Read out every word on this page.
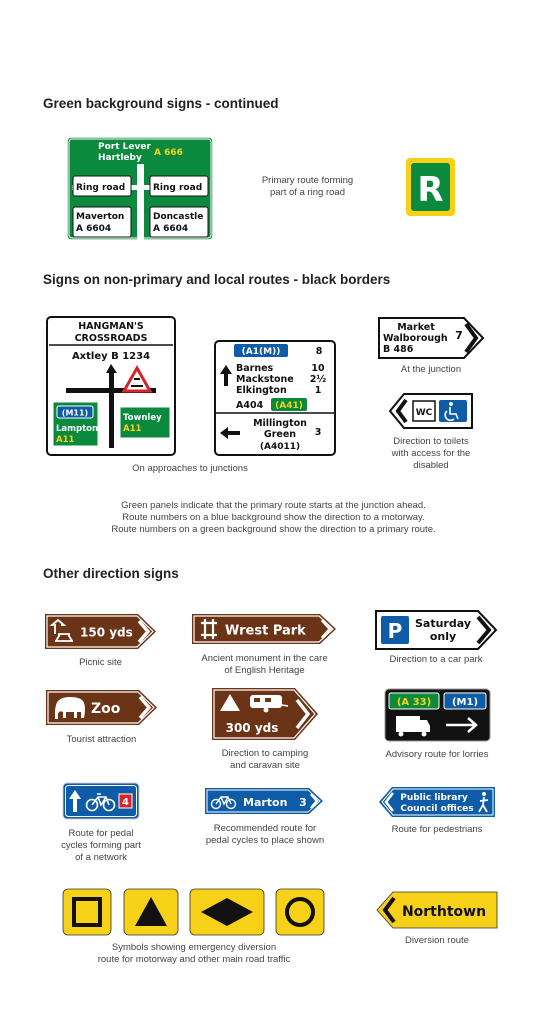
Green background signs - continued
Port Lever
Hartleby A 666
Ring road	Ring road
Maverton
A 6604
Doncastle
A 6604
Primary route forming
part of a ring road	R
Signs on non-primary and local routes - black borders
HANGMAN'S
CROSSROADS
Axtley B 1234
(M11)
Lampton
A11
Townley
A11
(A1(M))	8
Barnes	10
Mackstone 2½
Elkington	1
A404 (A41)
Millington
Green
(A4011)
3
On approaches to junctions
Market
Walborough
B 486
7
At the junction
WC
Direction to toilets
with access for the
disabled
Green panels indicate that the primary route starts at the junction ahead.
Route numbers on a blue background show the direction to a motorway.
Route numbers on a green background show the direction to a primary route.
Other direction signs
150 yds
Picnic site
Wrest Park
Ancient monument in the care
of English Heritage
P Saturday
only
Direction to a car park
Zoo
Tourist attraction
300 yds
Direction to camping
and caravan site
(A 33) (M1)
Advisory route for lorries
4
Route for pedal
cycles forming part
of a network
Marton 3
Recommended route for
pedal cycles to place shown
Public library
Council offices
Route for pedestrians
Symbols showing emergency diversion
route for motorway and other main road traffic
Northtown
Diversion route
